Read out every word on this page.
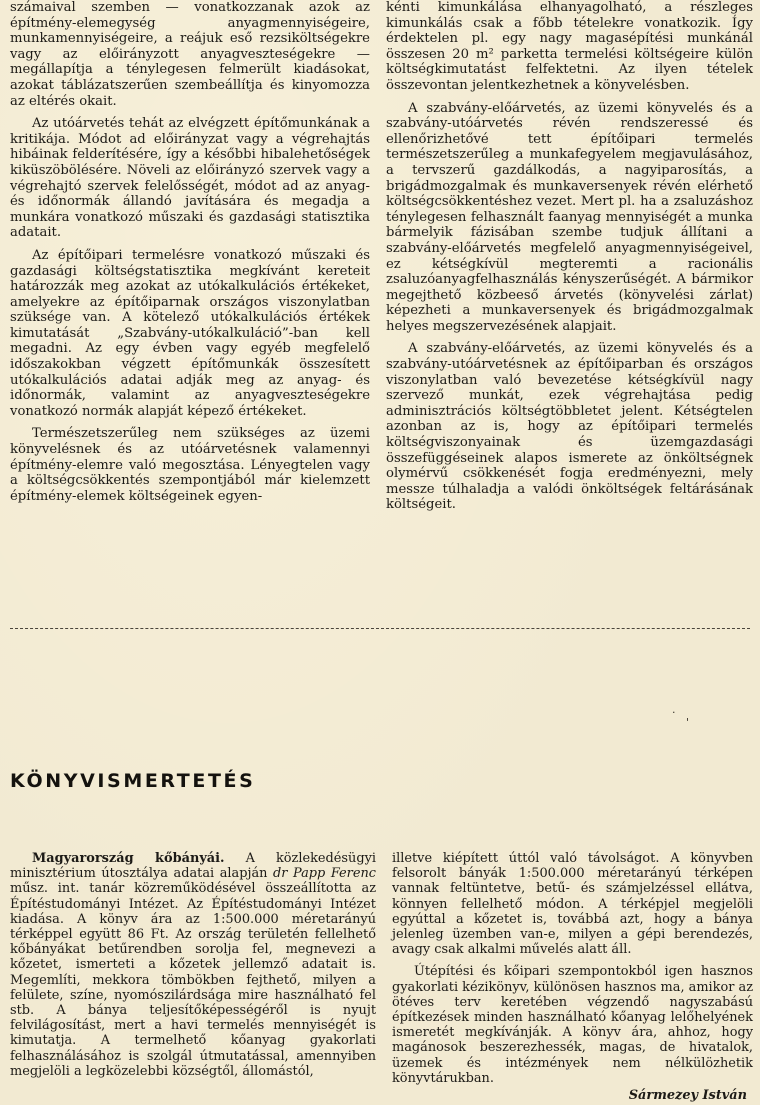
számaival szemben — vonatkozzanak azok az építmény-elemegység anyagmennyiségeire, munkamennyiségeire, a reájuk eső rezsiköltségekre vagy az előirányzott anyagveszteségekre — megállapítja a ténylegesen felmerült kiadásokat, azokat táblázatszerűen szembeállítja és kinyomozza az eltérés okait.

Az utóárvetés tehát az elvégzett építőmunkának a kritikája. Módot ad előirányzat vagy a végrehajtás hibáinak felderítésére, így a későbbi hibalehetőségek kiküszöbölésére. Növeli az előirányzó szervek vagy a végrehajtó szervek felelősségét, módot ad az anyag- és időnormák állandó javítására és megadja a munkára vonatkozó műszaki és gazdasági statisztika adatait.

Az építőipari termelésre vonatkozó műszaki és gazdasági költségstatisztika megkívánt kereteit határozzák meg azokat az utókalkulációs értékeket, amelyekre az építőiparnak országos viszonylatban szüksége van. A kötelező utókalkulációs értékek kimutatását „Szabvány-utókalkuláció”-ban kell megadni. Az egy évben vagy egyéb megfelelő időszakokban végzett építőmunkák összesített utókalkulációs adatai adják meg az anyag- és időnormák, valamint az anyagveszteségekre vonatkozó normák alapját képező értékeket.

Természetszerűleg nem szükséges az üzemi könyvelésnek és az utóárvetésnek valamennyi építmény-elemre való megosztása. Lényegtelen vagy a költségcsökkentés szempontjából már kielemzett építmény-elemek költségeinek egyen-

kénti kimunkálása elhanyagolható, a részleges kimunkálás csak a főbb tételekre vonatkozik. Így érdektelen pl. egy nagy magasépítési munkánál összesen 20 m² parketta termelési költségeire külön költségkimutatást felfektetni. Az ilyen tételek összevontan jelentkezhetnek a könyvelésben.

A szabvány-előárvetés, az üzemi könyvelés és a szabvány-utóárvetés révén rendszeressé és ellenőrizhetővé tett építőipari termelés természetszerűleg a munkafegyelem megjavulásához, a tervszerű gazdálkodás, a nagyiparosítás, a brigádmozgalmak és munkaversenyek révén elérhető költségcsökkentéshez vezet. Mert pl. ha a zsaluzáshoz ténylegesen felhasznált faanyag mennyiségét a munka bármelyik fázisában szembe tudjuk állítani a szabvány-előárvetés megfelelő anyagmennyiségeivel, ez kétségkívül megteremti a racionális zsaluzóanyagfelhasználás kényszerűségét. A bármikor megejthető közbeeső árvetés (könyvelési zárlat) képezheti a munkaversenyek és brigádmozgalmak helyes megszervezésének alapjait.

A szabvány-előárvetés, az üzemi könyvelés és a szabvány-utóárvetésnek az építőiparban és országos viszonylatban való bevezetése kétségkívül nagy szervező munkát, ezek végrehajtása pedig adminisztrációs költségtöbbletet jelent. Kétségtelen azonban az is, hogy az építőipari termelés költségviszonyainak és üzemgazdasági összefüggéseinek alapos ismerete az önköltségnek olymérvű csökkenését fogja eredményezni, mely messze túlhaladja a valódi önköltségek feltárásának költségeit.

·
'
KÖNYVISMERTETÉS

Magyarország kőbányái. A közlekedésügyi minisztérium útosztálya adatai alapján dr Papp Ferenc műsz. int. tanár közreműködésével összeállította az Építéstudományi Intézet. Az Építéstudományi Intézet kiadása. A könyv ára az 1:500.000 méretarányú térképpel együtt 86 Ft. Az ország területén fellelhető kőbányákat betűrendben sorolja fel, megnevezi a kőzetet, ismerteti a kőzetek jellemző adatait is. Megemlíti, mekkora tömbökben fejthető, milyen a felülete, színe, nyomószilárdsága mire használható fel stb. A bánya teljesítőképességéről is nyujt felvilágosítást, mert a havi termelés mennyiségét is kimutatja. A termelhető kőanyag gyakorlati felhasználásához is szolgál útmutatással, amennyiben megjelöli a legközelebbi községtől, állomástól,

illetve kiépített úttól való távolságot. A könyvben felsorolt bányák 1:500.000 méretarányú térképen vannak feltüntetve, betű- és számjelzéssel ellátva, könnyen fellelhető módon. A térképjel megjelöli egyúttal a kőzetet is, továbbá azt, hogy a bánya jelenleg üzemben van-e, milyen a gépi berendezés, avagy csak alkalmi művelés alatt áll.

Útépítési és kőipari szempontokból igen hasznos gyakorlati kézikönyv, különösen hasznos ma, amikor az ötéves terv keretében végzendő nagyszabású építkezések minden használható kőanyag lelőhelyének ismeretét megkívánják. A könyv ára, ahhoz, hogy magánosok beszerezhessék, magas, de hivatalok, üzemek és intézmények nem nélkülözhetik könyvtárukban.

Sármezey István
